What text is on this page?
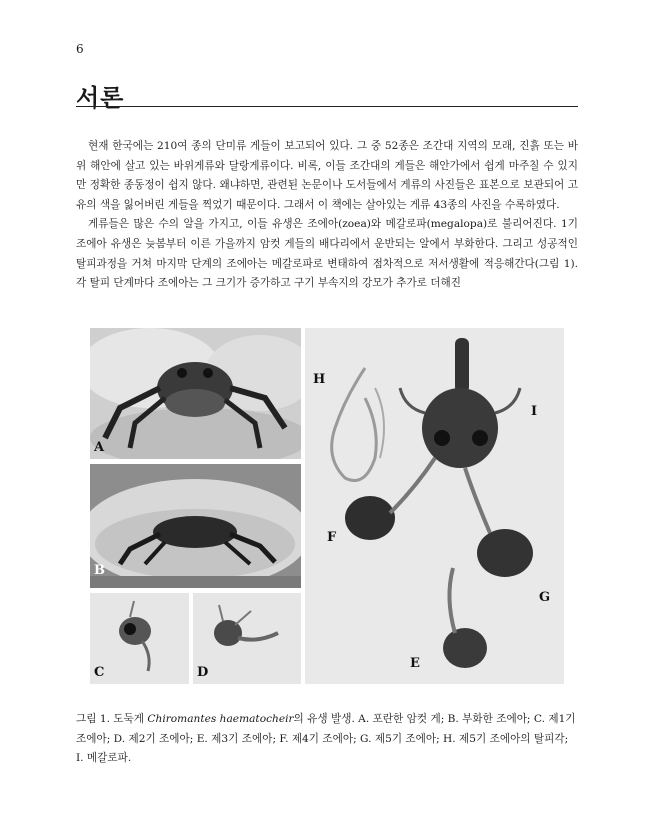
6
서론

현재 한국에는 210여 종의 단미류 게들이 보고되어 있다. 그 중 52종은 조간대 지역의 모래, 진흙 또는 바위 해안에 살고 있는 바위게류와 달랑게류이다. 비록, 이들 조간대의 게들은 해안가에서 쉽게 마주칠 수 있지만 정확한 종동정이 쉽지 않다. 왜냐하면, 관련된 논문이나 도서들에서 게류의 사진들은 표본으로 보관되어 고유의 색을 잃어버린 게들을 찍었기 때문이다. 그래서 이 책에는 살아있는 게류 43종의 사진을 수록하였다.

게류들은 많은 수의 알을 가지고, 이들 유생은 조에아(zoea)와 메갈로파(megalopa)로 불리어진다. 1기 조에아 유생은 늦봄부터 이른 가을까지 암컷 게들의 배다리에서 운반되는 알에서 부화한다. 그리고 성공적인 탈피과정을 거쳐 마지막 단계의 조에아는 메갈로파로 변태하여 점차적으로 저서생활에 적응해간다(그림 1). 각 탈피 단계마다 조에아는 그 크기가 증가하고 구기 부속지의 강모가 추가로 더해진

A
B
C	D
H
I
F
G
E
그림 1. 도둑게 Chiromantes haematocheir의 유생 발생. A. 포란한 암컷 게; B. 부화한 조에아; C. 제1기 조에아; D. 제2기 조에아; E. 제3기 조에아; F. 제4기 조에아; G. 제5기 조에아; H. 제5기 조에아의 탈피각; I. 메갈로파.
